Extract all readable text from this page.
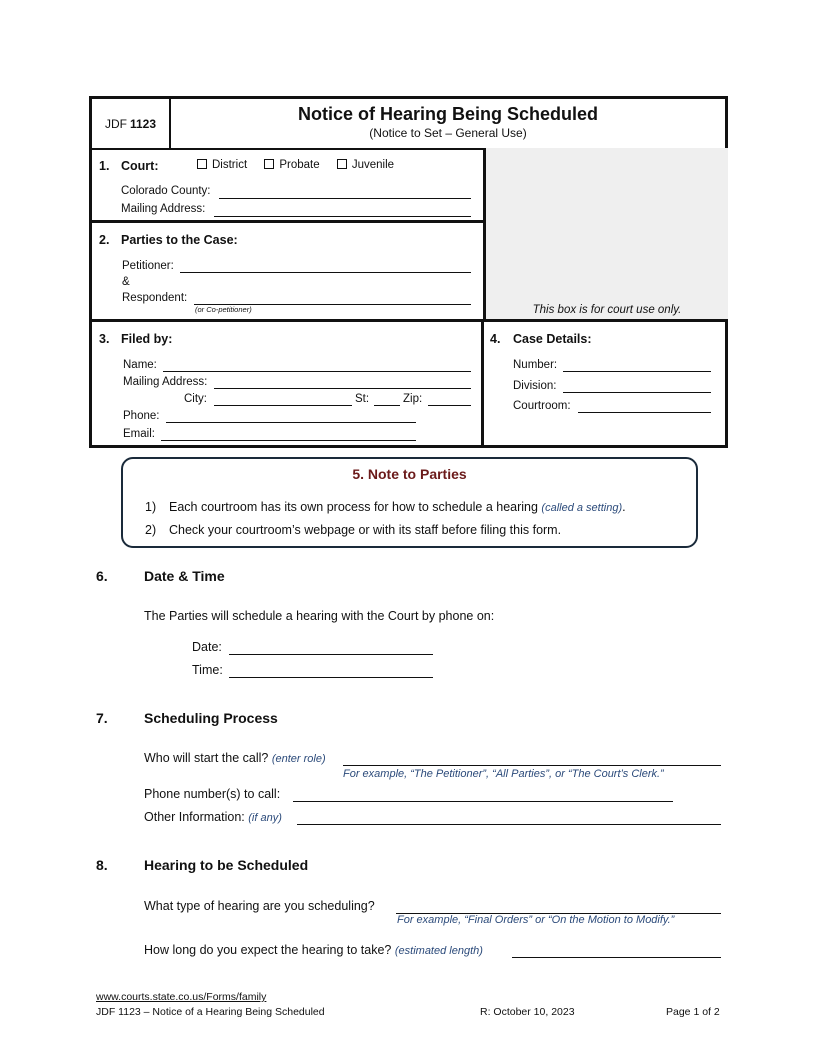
JDF 1123	Notice of Hearing Being Scheduled
(Notice to Set – General Use)
This box is for court use only.
1. Court:	District	Probate	Juvenile
Colorado County:
Mailing Address:
2. Parties to the Case:
Petitioner:
&
Respondent:
(or Co-petitioner)
3. Filed by:
Name:
Mailing Address:
City:	St:	Zip:
Phone:
Email:
4. Case Details:
Number:
Division:
Courtroom:
5. Note to Parties
1) Each courtroom has its own process for how to schedule a hearing (called a setting).
2) Check your courtroom’s webpage or with its staff before filing this form.
6.	Date & Time
The Parties will schedule a hearing with the Court by phone on:
Date:
Time:
7.	Scheduling Process
Who will start the call? (enter role)
For example, “The Petitioner”, “All Parties”, or “The Court’s Clerk.”
Phone number(s) to call:
Other Information: (if any)
8.	Hearing to be Scheduled
What type of hearing are you scheduling?
For example, “Final Orders” or “On the Motion to Modify.”
How long do you expect the hearing to take? (estimated length)
www.courts.state.co.us/Forms/family
JDF 1123 – Notice of a Hearing Being Scheduled	R: October 10, 2023	Page 1 of 2
